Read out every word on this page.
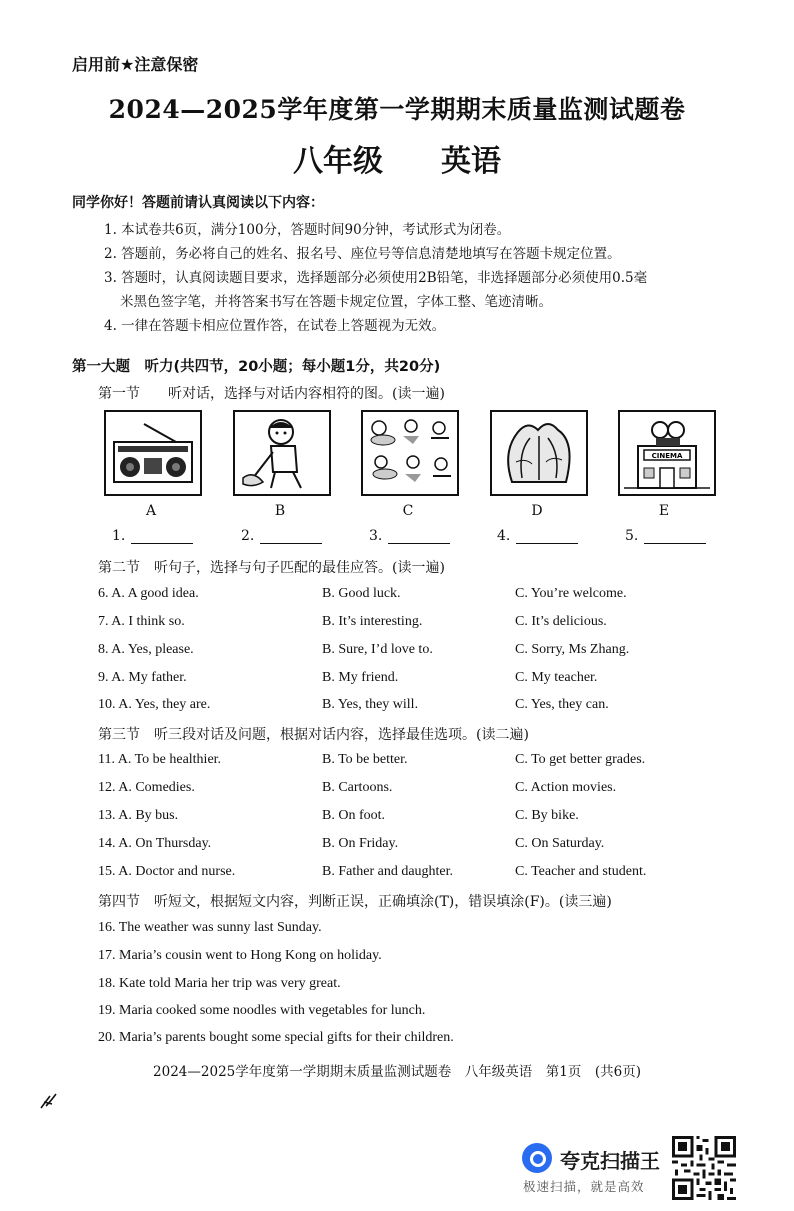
启用前★注意保密
2024—2025学年度第一学期期末质量监测试题卷
八年级 英语
同学你好！答题前请认真阅读以下内容：
1. 本试卷共6页，满分100分，答题时间90分钟，考试形式为闭卷。
2. 答题前，务必将自己的姓名、报名号、座位号等信息清楚地填写在答题卡规定位置。
3. 答题时，认真阅读题目要求，选择题部分必须使用2B铅笔，非选择题部分必须使用0.5毫
米黑色签字笔，并将答案书写在答题卡规定位置，字体工整、笔迹清晰。
4. 一律在答题卡相应位置作答，在试卷上答题视为无效。
第一大题　听力(共四节，20小题；每小题1分，共20分)
第一节　　听对话，选择与对话内容相符的图。(读一遍)
CINEMA
A	B	C	D	E
1.	2.	3.	4.	5.
第二节　听句子，选择与句子匹配的最佳应答。(读一遍)
6. A. A good idea.	B. Good luck.	C. You’re welcome.
7. A. I think so.	B. It’s interesting.	C. It’s delicious.
8. A. Yes, please.	B. Sure, I’d love to.	C. Sorry, Ms Zhang.
9. A. My father.	B. My friend.	C. My teacher.
10. A. Yes, they are.	B. Yes, they will.	C. Yes, they can.
第三节　听三段对话及问题，根据对话内容，选择最佳选项。(读二遍)
11. A. To be healthier.	B. To be better.	C. To get better grades.
12. A. Comedies.	B. Cartoons.	C. Action movies.
13. A. By bus.	B. On foot.	C. By bike.
14. A. On Thursday.	B. On Friday.	C. On Saturday.
15. A. Doctor and nurse.	B. Father and daughter.	C. Teacher and student.
第四节　听短文，根据短文内容，判断正误，正确填涂(T)，错误填涂(F)。(读三遍)
16. The weather was sunny last Sunday.
17. Maria’s cousin went to Hong Kong on holiday.
18. Kate told Maria her trip was very great.
19. Maria cooked some noodles with vegetables for lunch.
20. Maria’s parents bought some special gifts for their children.
2024—2025学年度第一学期期末质量监测试题卷　八年级英语　第1页　(共6页)
夸克扫描王
极速扫描，就是高效
